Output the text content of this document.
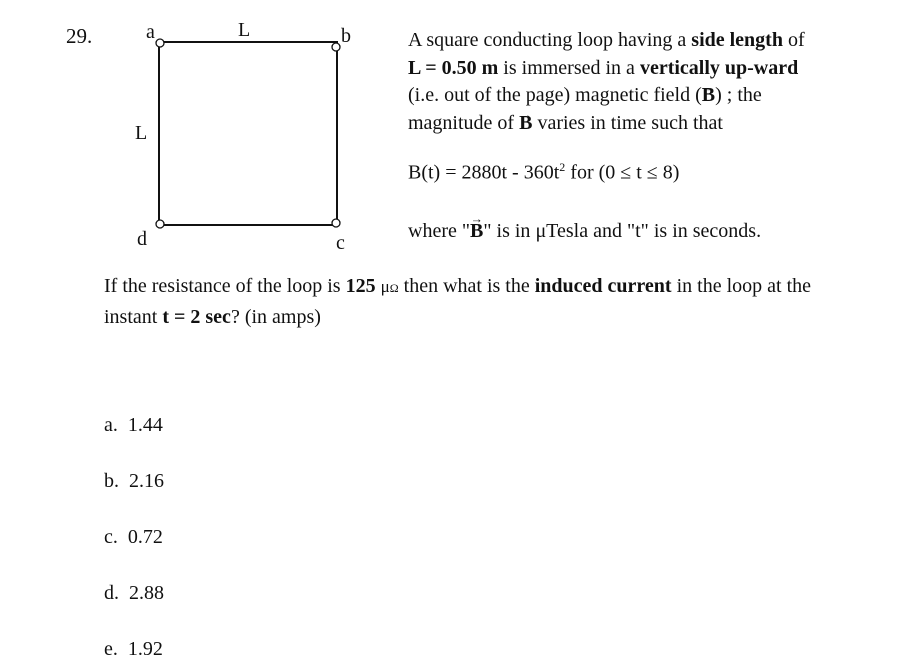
29.	a	b
c
d
L
L
A square conducting loop having a side length of L = 0.50 m is immersed in a vertically up-ward (i.e. out of the page) magnetic field (→ B) ; the magnitude of → B varies in time such that
$B(t) = 2880t - 360t^2$ for (0 ≤ t ≤ 8)
where "→ B" is in μTesla and "t" is in seconds.
If the resistance of the loop is 125 μΩ then what is the induced current in the loop at the instant t = 2 sec? (in amps)
a. 1.44
b. 2.16
c. 0.72
d. 2.88
e. 1.92
